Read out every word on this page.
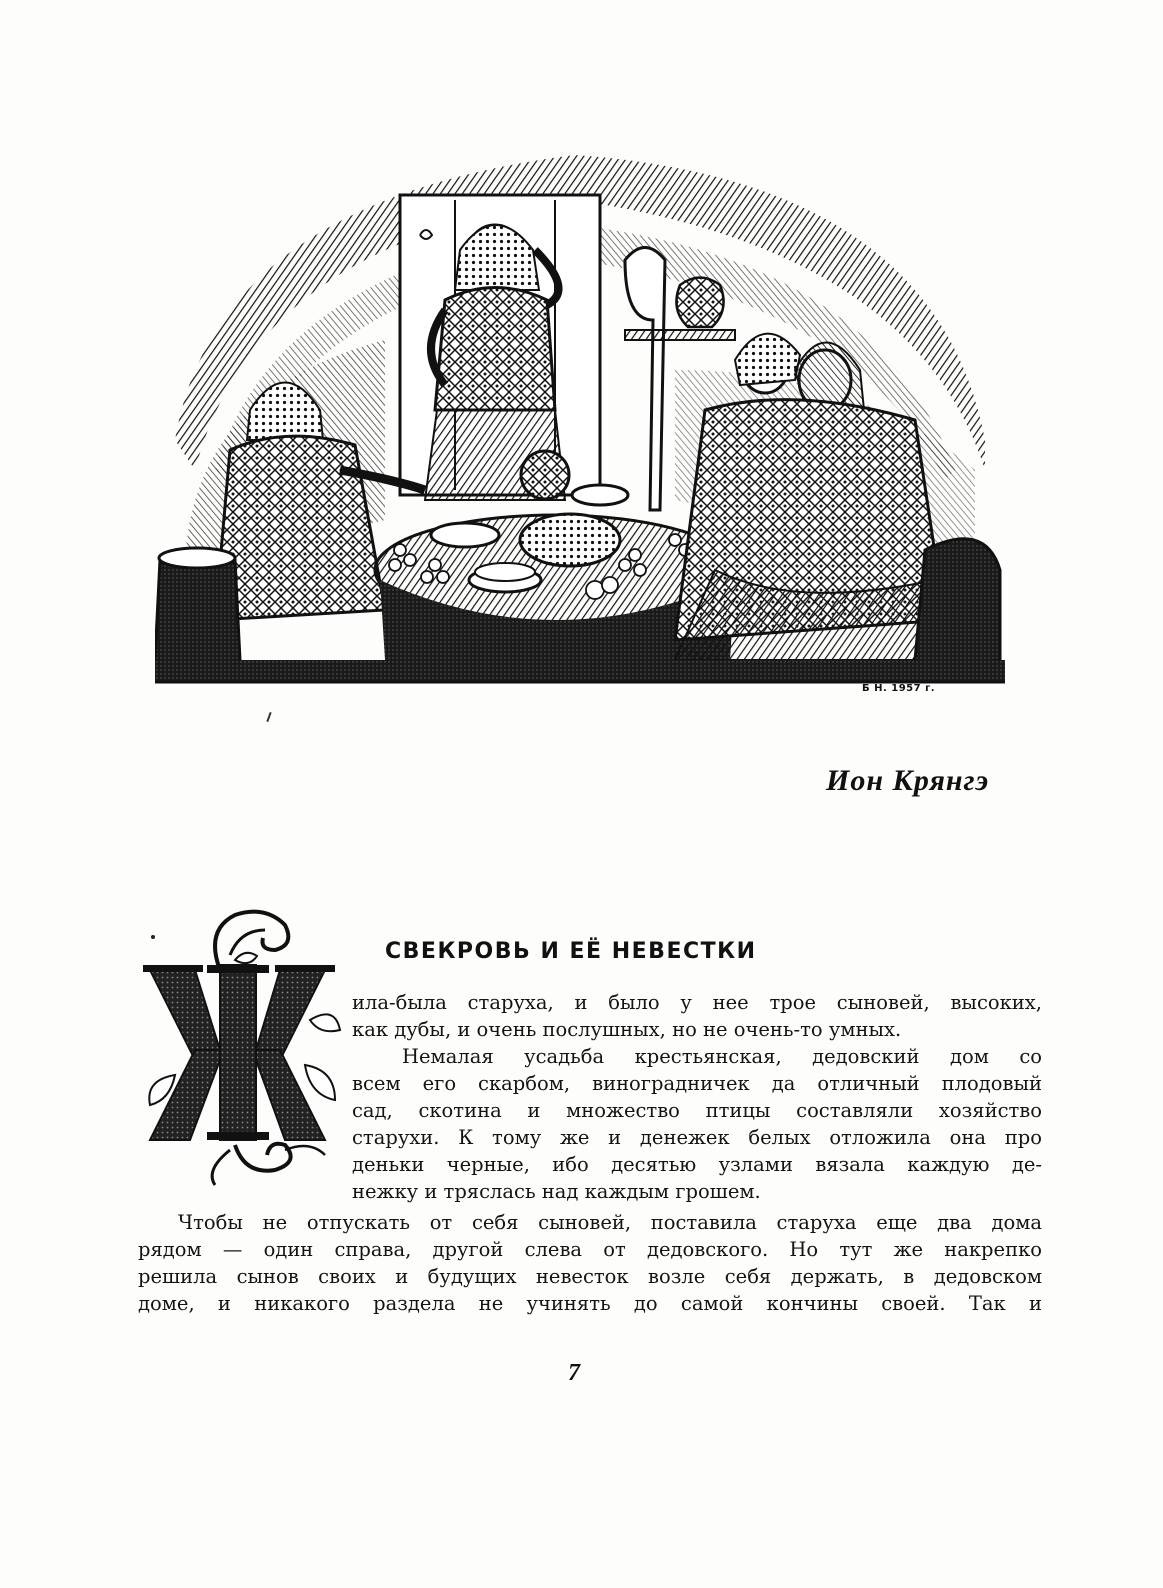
Б Н. 1957 г.
Ион Крянгэ
СВЕКРОВЬ И ЕЁ НЕВЕСТКИ
ила-была старуха, и было у нее трое сыновей, высоких,
как дубы, и очень послушных, но не очень-то умных.
Немалая усадьба крестьянская, дедовский дом со
всем его скарбом, виноградничек да отличный плодовый
сад, скотина и множество птицы составляли хозяйство
старухи. К тому же и денежек белых отложила она про
деньки черные, ибо десятью узлами вязала каждую де-
нежку и тряслась над каждым грошем.
Чтобы не отпускать от себя сыновей, поставила старуха еще два дома
рядом — один справа, другой слева от дедовского. Но тут же накрепко
решила сынов своих и будущих невесток возле себя держать, в дедовском
доме, и никакого раздела не учинять до самой кончины своей. Так и
7
